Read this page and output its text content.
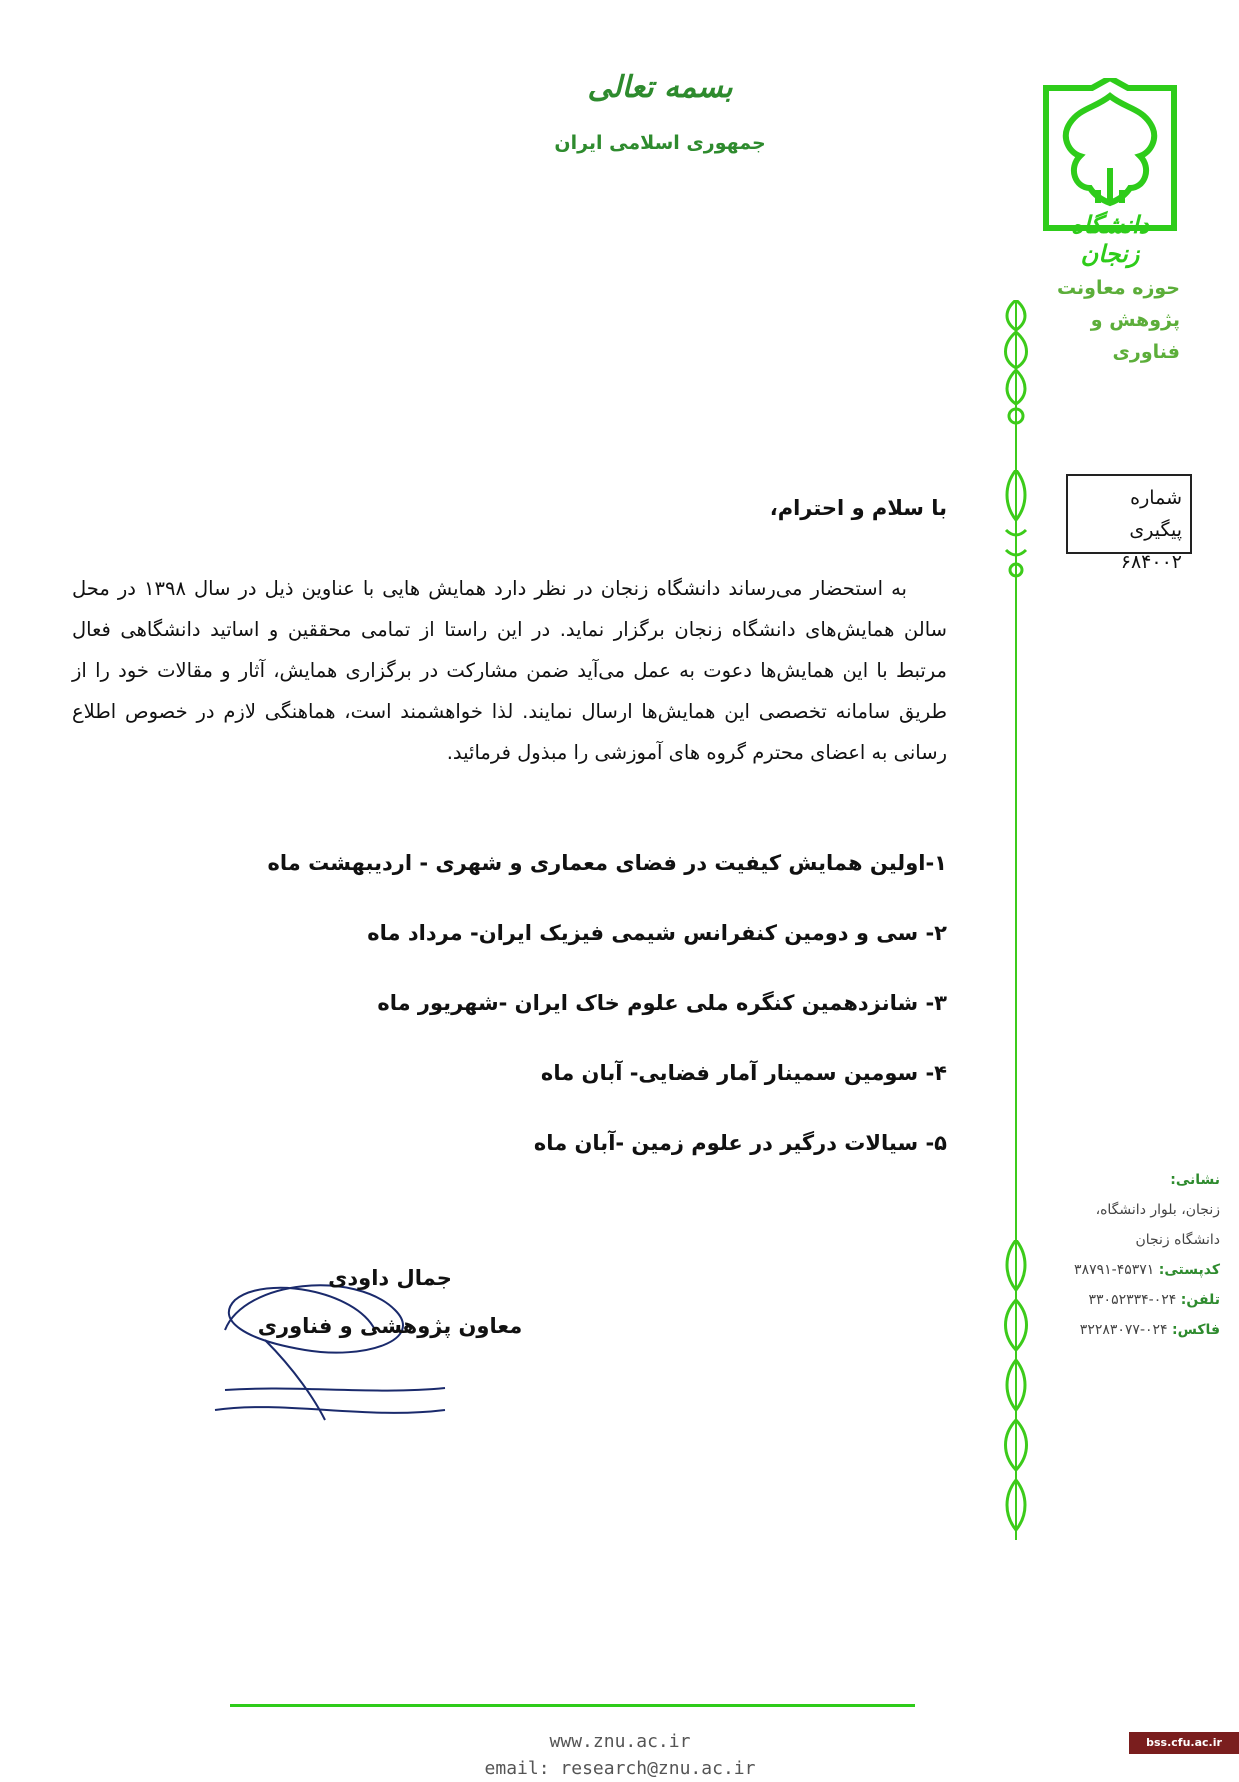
بسمه تعالی
جمهوری اسلامی ایران
دانشگاه زنجان
حوزه معاونت
پژوهش و فناوری
شماره پیگیری
۶۸۴۰۰۲
با سلام و احترام،
به استحضار می‌رساند دانشگاه زنجان در نظر دارد همایش هایی با عناوین ذیل در سال ۱۳۹۸ در محل سالن همایش‌های دانشگاه زنجان برگزار نماید. در این راستا از تمامی محققین و اساتید دانشگاهی فعال مرتبط با این همایش‌ها دعوت به عمل می‌آید ضمن مشارکت در برگزاری همایش، آثار و مقالات خود را از طریق سامانه تخصصی این همایش‌ها ارسال نمایند. لذا خواهشمند است، هماهنگی لازم در خصوص اطلاع رسانی به اعضای محترم گروه های آموزشی را مبذول فرمائید.
۱-اولین همایش کیفیت در فضای معماری و شهری - اردیبهشت ماه
۲- سی و دومین کنفرانس شیمی فیزیک ایران- مرداد ماه
۳- شانزدهمین کنگره ملی علوم خاک ایران -شهریور ماه
۴- سومین سمینار آمار فضایی- آبان ماه
۵- سیالات درگیر در علوم زمین -آبان ماه
نشانی:
زنجان، بلوار دانشگاه،
دانشگاه زنجان
کدپستی: ۴۵۳۷۱-۳۸۷۹۱
تلفن: ۰۲۴-۳۳۰۵۲۳۳۴
فاکس: ۰۲۴-۳۲۲۸۳۰۷۷
جمال داودی
معاون پژوهشی و فناوری
www.znu.ac.ir
email: research@znu.ac.ir
bss.cfu.ac.ir
